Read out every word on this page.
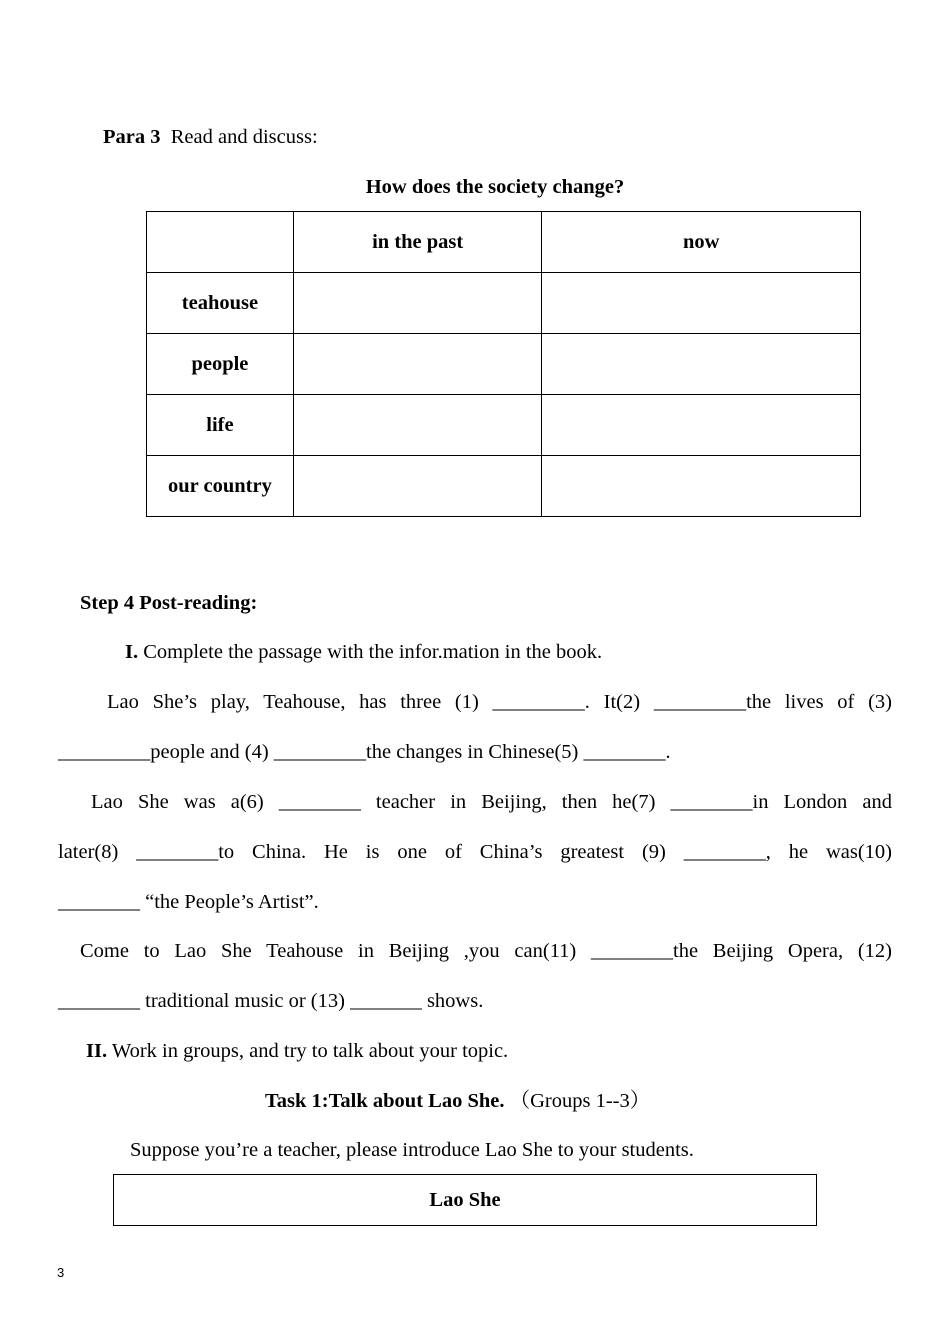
Para 3 Read and discuss:
How does the society change?
	in the past	now
teahouse		
people		
life		
our country		
Step 4 Post-reading:
I. Complete the passage with the infor.mation in the book.
Lao She’s play, Teahouse, has three (1) _________. It(2) _________the lives of (3)
_________people and (4) _________the changes in Chinese(5) ________.
Lao She was a(6) ________ teacher in Beijing, then he(7) ________in London and
later(8) ________to China. He is one of China’s greatest (9) ________, he was(10)
________ “the People’s Artist”.
Come to Lao She Teahouse in Beijing ,you can(11) ________the Beijing Opera, (12)
________ traditional music or (13) _______ shows.
II. Work in groups, and try to talk about your topic.
Task 1:Talk about Lao She. （Groups 1--3）
Suppose you’re a teacher, please introduce Lao She to your students.
Lao She
3
